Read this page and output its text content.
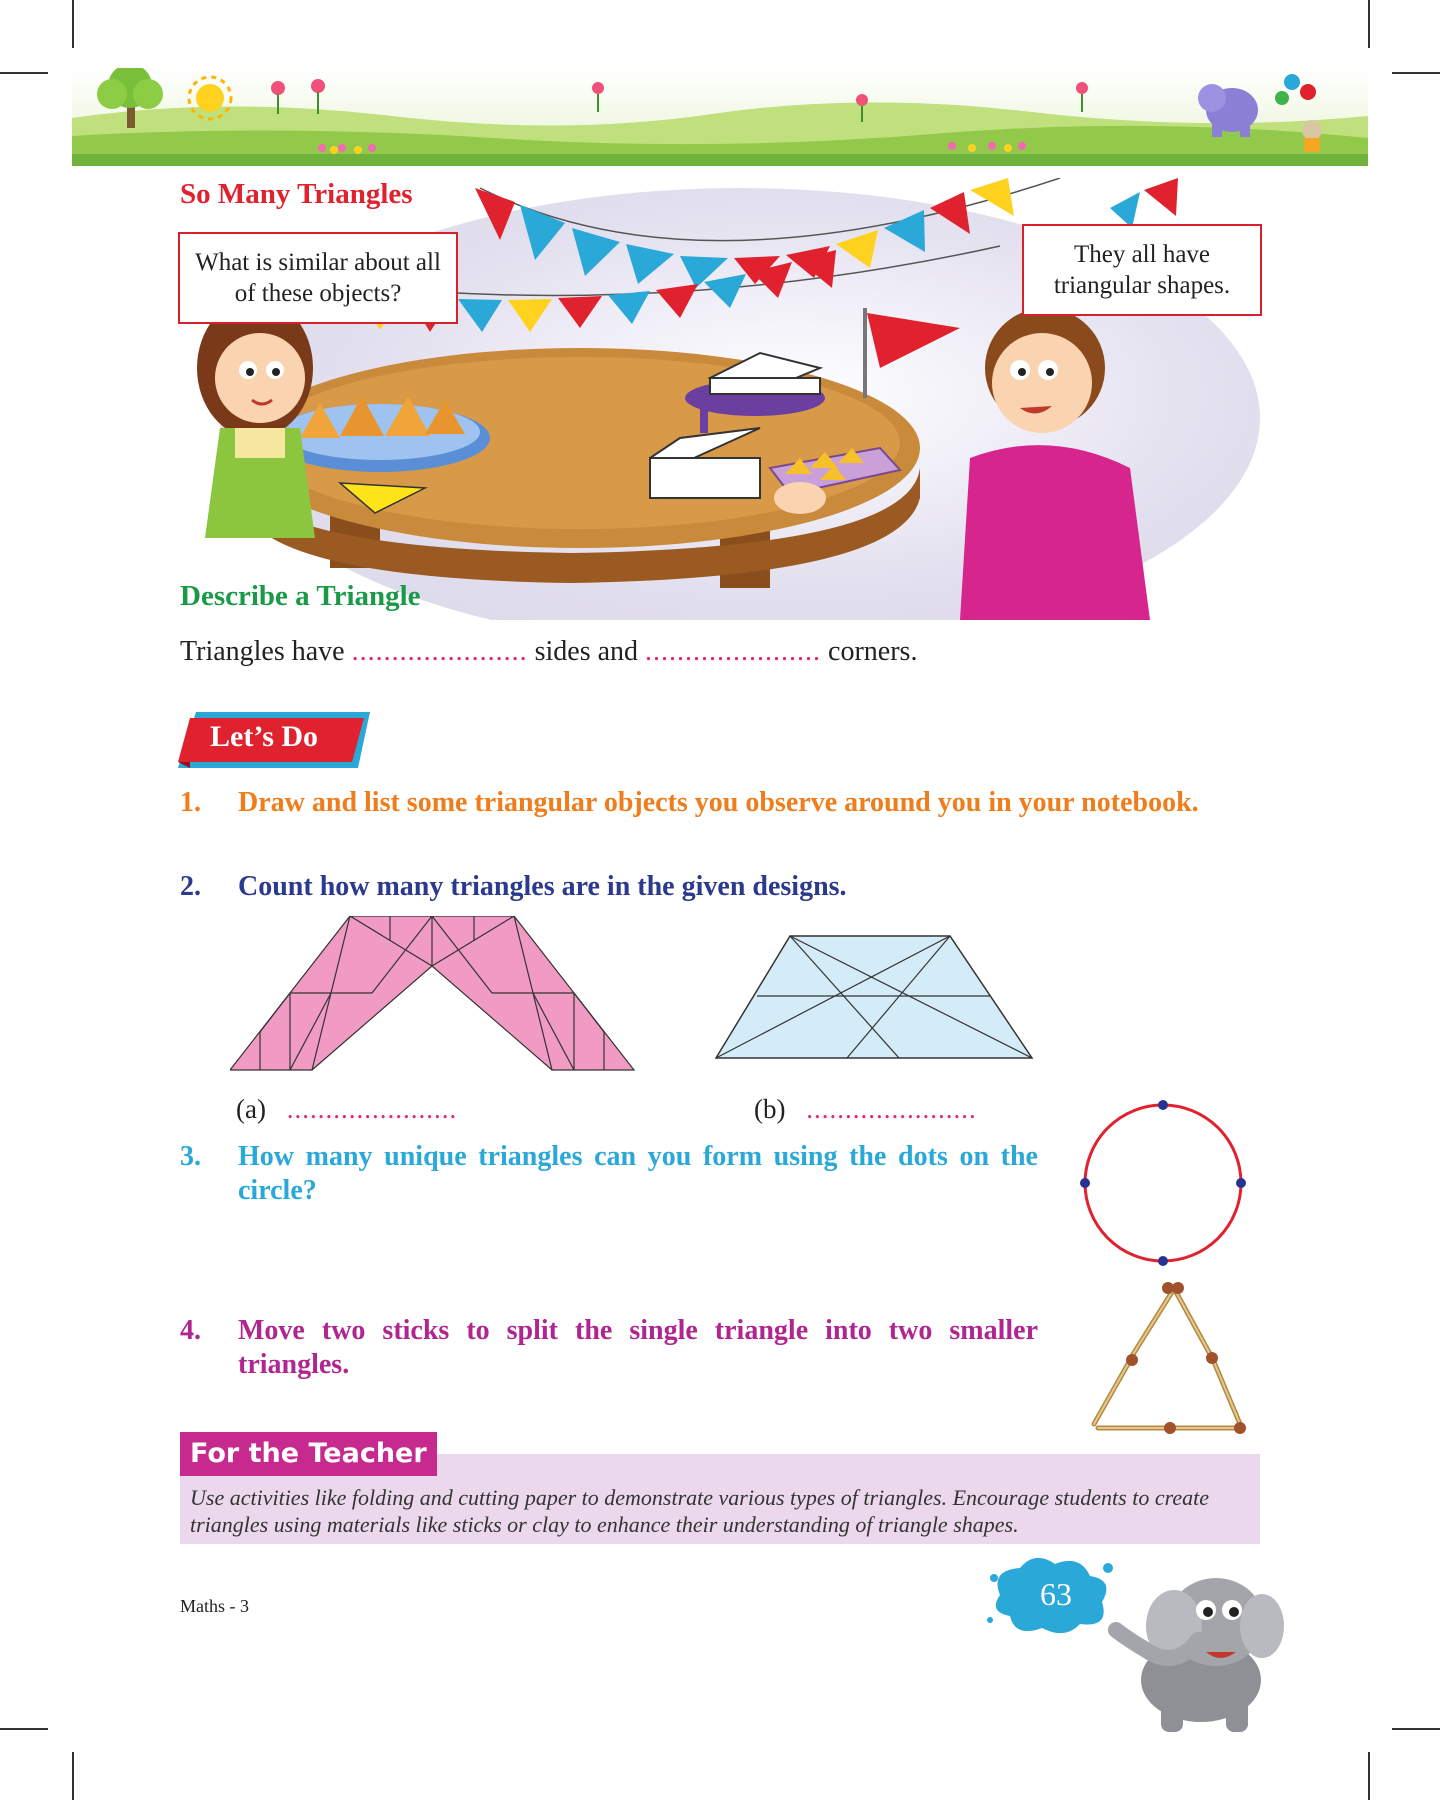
So Many Triangles
What is similar about all of these objects?
They all have triangular shapes.
Describe a Triangle
Triangles have ...................... sides and ...................... corners.
Let’s Do
1. Draw and list some triangular objects you observe around you in your notebook.
2. Count how many triangles are in the given designs.
(a) ......................	(b) ......................
3. How many unique triangles can you form using the dots on the circle?
4. Move two sticks to split the single triangle into two smaller triangles.
For the Teacher
Use activities like folding and cutting paper to demonstrate various types of triangles. Encourage students to create triangles using materials like sticks or clay to enhance their understanding of triangle shapes.
Maths - 3	63
